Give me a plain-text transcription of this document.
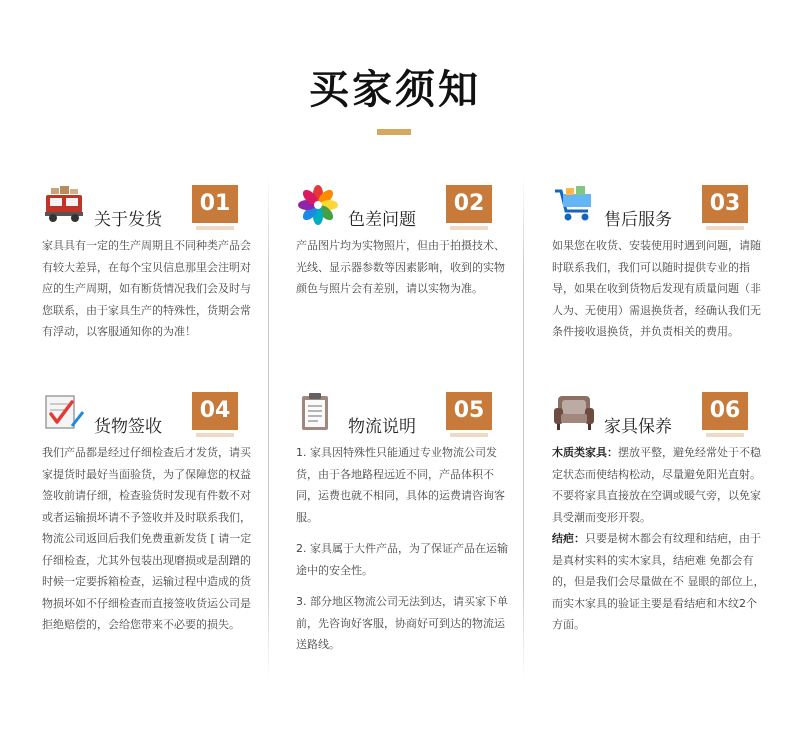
买家须知
关于发货
01

家具具有一定的生产周期且不同种类产品会有较大差异，在每个宝贝信息那里会注明对应的生产周期，如有断货情况我们会及时与您联系，由于家具生产的特殊性，货期会常有浮动，以客服通知你的为准！

色差问题
02

产品图片均为实物照片，但由于拍摄技术、光线、显示器参数等因素影响，收到的实物颜色与照片会有差别，请以实物为准。

售后服务
03

如果您在收货、安装使用时遇到问题，请随时联系我们，我们可以随时提供专业的指导，如果在收到货物后发现有质量问题（非人为、无使用）需退换货者，经确认我们无条件接收退换货，并负责相关的费用。

货物签收
04

我们产品都是经过仔细检查后才发货，请买家提货时最好当面验货，为了保障您的权益签收前请仔细，检查验货时发现有件数不对或者运输损坏请不予签收并及时联系我们，物流公司返回后我们免费重新发货 [ 请一定仔细检查，尤其外包装出现磨损或是刮蹭的时候一定要拆箱检查，运输过程中造成的货物损坏如不仔细检查而直接签收货运公司是拒绝赔偿的，会给您带来不必要的损失。

物流说明
05

1. 家具因特殊性只能通过专业物流公司发货，由于各地路程远近不同，产品体积不同，运费也就不相同，具体的运费请咨询客服。

2. 家具属于大件产品，为了保证产品在运输途中的安全性。

3. 部分地区物流公司无法到达，请买家下单前，先咨询好客服，协商好可到达的物流运送路线。

家具保养
06

木质类家具：摆放平整，避免经常处于不稳定状态而使结构松动，尽量避免阳光直射。不要将家具直接放在空调或暖气旁，以免家具受潮而变形开裂。

结疤：只要是树木都会有纹理和结疤，由于是真材实料的实木家具，结疤难 免都会有的，但是我们会尽量做在不 显眼的部位上，而实木家具的验证主要是看结疤和木纹2个方面。
